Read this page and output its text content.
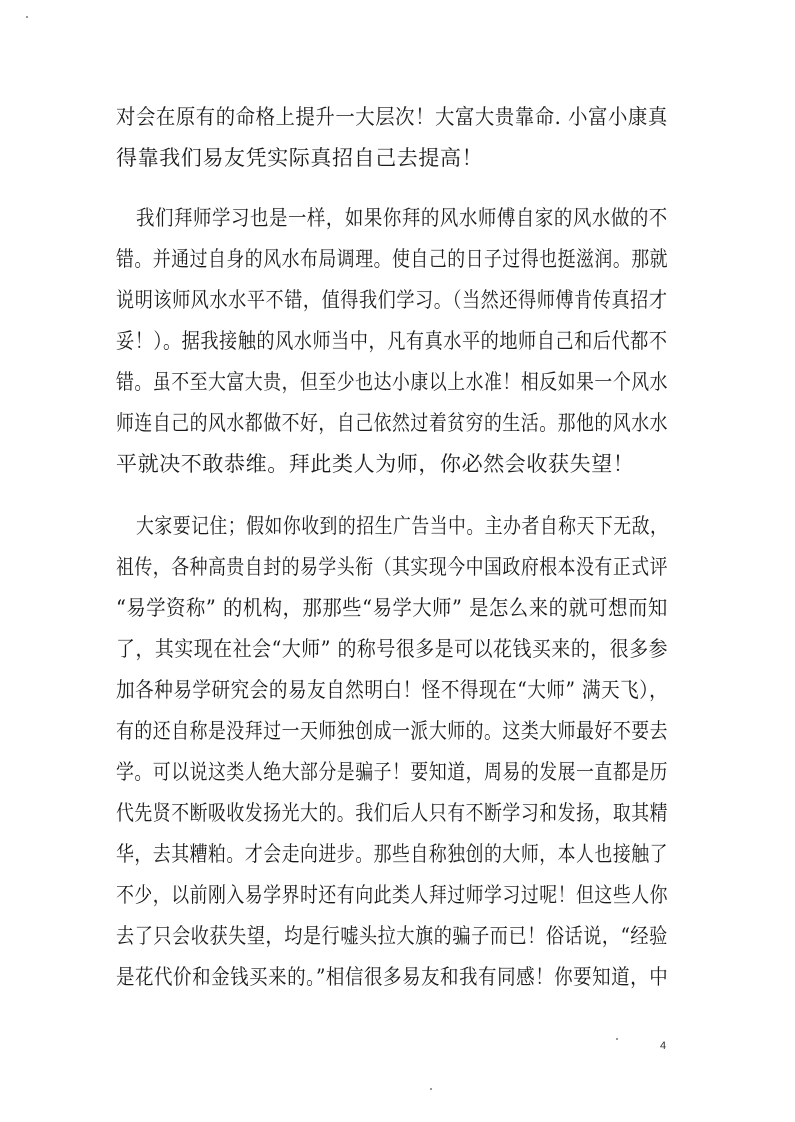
对会在原有的命格上提升一大层次！大富大贵靠命. 小富小康真
得靠我们易友凭实际真招自己去提高！
我们拜师学习也是一样，如果你拜的风水师傅自家的风水做的不
错。并通过自身的风水布局调理。使自己的日子过得也挺滋润。那就
说明该师风水水平不错，值得我们学习。（当然还得师傅肯传真招才
妥！）。据我接触的风水师当中，凡有真水平的地师自己和后代都不
错。虽不至大富大贵，但至少也达小康以上水准！相反如果一个风水
师连自己的风水都做不好，自己依然过着贫穷的生活。那他的风水水
平就决不敢恭维。拜此类人为师，你必然会收获失望！
大家要记住；假如你收到的招生广告当中。主办者自称天下无敌，
祖传，各种高贵自封的易学头衔（其实现今中国政府根本没有正式评
“易学资称” 的机构，那那些“易学大师” 是怎么来的就可想而知
了，其实现在社会“大师” 的称号很多是可以花钱买来的，很多参
加各种易学研究会的易友自然明白！怪不得现在“大师” 满天飞），
有的还自称是没拜过一天师独创成一派大师的。这类大师最好不要去
学。可以说这类人绝大部分是骗子！要知道，周易的发展一直都是历
代先贤不断吸收发扬光大的。我们后人只有不断学习和发扬，取其精
华，去其糟粕。才会走向进步。那些自称独创的大师，本人也接触了
不少，以前刚入易学界时还有向此类人拜过师学习过呢！但这些人你
去了只会收获失望，均是行嘘头拉大旗的骗子而已！俗话说，“经验
是花代价和金钱买来的。”相信很多易友和我有同感！你要知道，中
4
